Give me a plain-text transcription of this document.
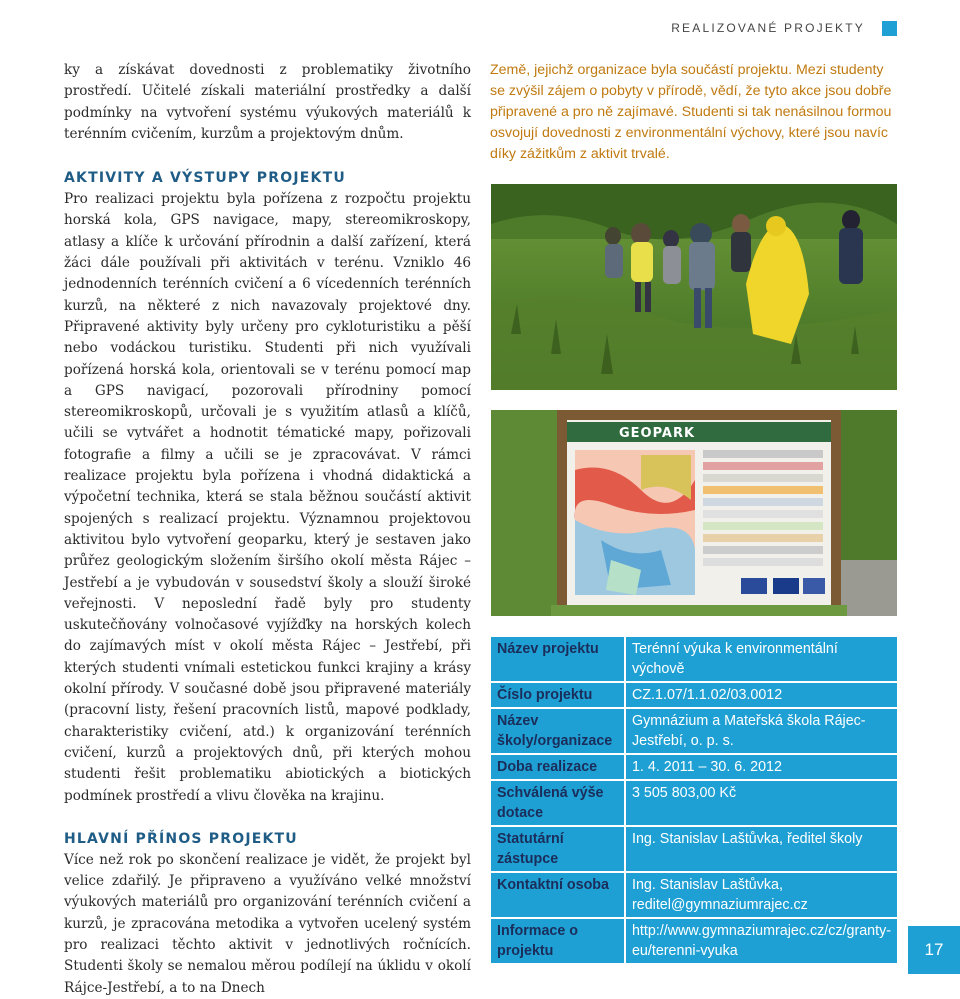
REALIZOVANÉ PROJEKTY

ky a získávat dovednosti z problematiky životního prostředí. Učitelé získali materiální prostředky a další podmínky na vytvoření systému výukových materiálů k terénním cvičením, kurzům a projektovým dnům.

AKTIVITY A VÝSTUPY PROJEKTU

Pro realizaci projektu byla pořízena z rozpočtu projektu horská kola, GPS navigace, mapy, stereomikroskopy, atlasy a klíče k určování přírodnin a další zařízení, která žáci dále používali při aktivitách v terénu. Vzniklo 46 jednodenních terénních cvičení a 6 vícedenních terénních kurzů, na některé z nich navazovaly projektové dny. Připravené aktivity byly určeny pro cykloturistiku a pěší nebo vodáckou turistiku. Studenti při nich využívali pořízená horská kola, orientovali se v terénu pomocí map a GPS navigací, pozorovali přírodniny pomocí stereomikroskopů, určovali je s využitím atlasů a klíčů, učili se vytvářet a hodnotit tématické mapy, pořizovali fotografie a filmy a učili se je zpracovávat. V rámci realizace projektu byla pořízena i vhodná didaktická a výpočetní technika, která se stala běžnou součástí aktivit spojených s realizací projektu. Významnou projektovou aktivitou bylo vytvoření geoparku, který je sestaven jako průřez geologickým složením širšího okolí města Rájec – Jestřebí a je vybudován v sousedství školy a slouží široké veřejnosti. V neposlední řadě byly pro studenty uskutečňovány volnočasové vyjížďky na horských kolech do zajímavých míst v okolí města Rájec – Jestřebí, při kterých studenti vnímali estetickou funkci krajiny a krásy okolní přírody. V současné době jsou připravené materiály (pracovní listy, řešení pracovních listů, mapové podklady, charakteristiky cvičení, atd.) k organizování terénních cvičení, kurzů a projektových dnů, při kterých mohou studenti řešit problematiku abiotických a biotických podmínek prostředí a vlivu člověka na krajinu.

HLAVNÍ PŘÍNOS PROJEKTU

Více než rok po skončení realizace je vidět, že projekt byl velice zdařilý. Je připraveno a využíváno velké množství výukových materiálů pro organizování terénních cvičení a kurzů, je zpracována metodika a vytvořen ucelený systém pro realizaci těchto aktivit v jednotlivých ročnících. Studenti školy se nemalou měrou podílejí na úklidu v okolí Rájce-Jestřebí, a to na Dnech

Země, jejichž organizace byla součástí projektu. Mezi studenty se zvýšil zájem o pobyty v přírodě, vědí, že tyto akce jsou dobře připravené a pro ně zajímavé. Studenti si tak nenásilnou formou osvojují dovednosti z environmentální výchovy, které jsou navíc díky zážitkům z aktivit trvalé.

GEOPARK
Název projektu	Terénní výuka k environmentální výchově
Číslo projektu	CZ.1.07/1.1.02/03.0012
Název školy/organizace	Gymnázium a Mateřská škola Rájec-Jestřebí, o. p. s.
Doba realizace	1. 4. 2011 – 30. 6. 2012
Schválená výše dotace	3 505 803,00 Kč
Statutární zástupce	Ing. Stanislav Laštůvka, ředitel školy
Kontaktní osoba	Ing. Stanislav Laštůvka, reditel@gymnaziumrajec.cz
Informace o projektu	http://www.gymnaziumrajec.cz/cz/granty-eu/terenni-vyuka	17
